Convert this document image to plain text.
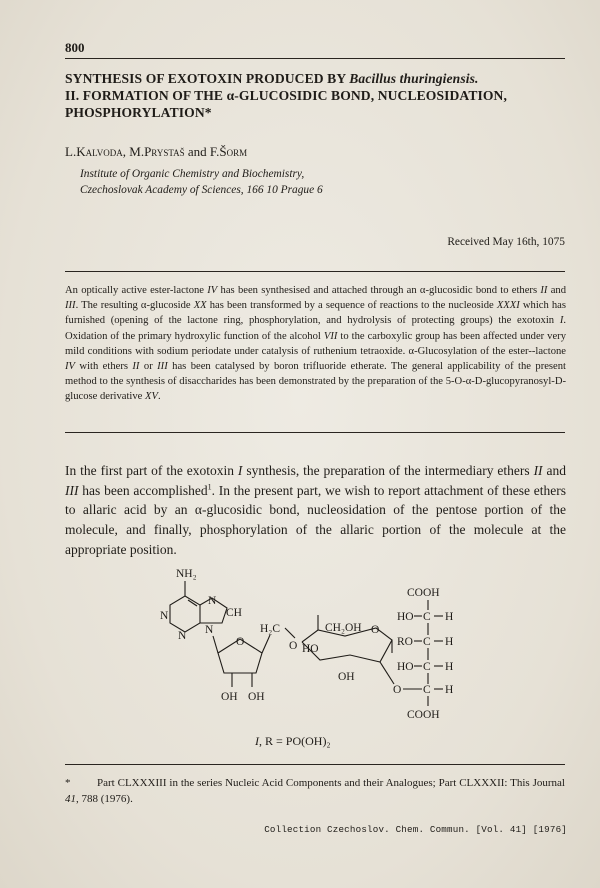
800
SYNTHESIS OF EXOTOXIN PRODUCED BY Bacillus thuringiensis.
II. FORMATION OF THE α-GLUCOSIDIC BOND, NUCLEOSIDATION,
PHOSPHORYLATION*
L.Kalvoda, M.Prystaš and F.Šorm
Institute of Organic Chemistry and Biochemistry,
Czechoslovak Academy of Sciences, 166 10 Prague 6
Received May 16th, 1075
An optically active ester-lactone IV has been synthesised and attached through an α-glucosidic bond to ethers II and III. The resulting α-glucoside XX has been transformed by a sequence of reactions to the nucleoside XXXI which has furnished (opening of the lactone ring, phosphorylation, and hydrolysis of protecting groups) the exotoxin I. Oxidation of the primary hydroxylic function of the alcohol VII to the carboxylic group has been affected under very mild conditions with sodium periodate under catalysis of ruthenium tetraoxide. α-Glucosylation of the ester--lactone IV with ethers II or III has been catalysed by boron trifluoride etherate. The general applicability of the present method to the synthesis of disaccharides has been demonstrated by the preparation of the 5-O-α-D-glucopyranosyl-D-glucose derivative XV.
In the first part of the exotoxin I synthesis, the preparation of the intermediary ethers II and III has been accomplished$^1$. In the present part, we wish to report attachment of these ethers to allaric acid by an α-glucosidic bond, nucleosidation of the pentose portion of the molecule, and finally, phosphorylation of the allaric portion of the molecule at the appropriate position.
NH₂
N
CH
N
N N
O
OH OH
H₂C
O
CH₂OH
HO
OH
O
COOH
HO C H
RO C H
HO C H
O C H
COOH
I, R = PO(OH)₂
* Part CLXXXIII in the series Nucleic Acid Components and their Analogues; Part CLXXXII: This Journal 41, 788 (1976).
Collection Czechoslov. Chem. Commun. [Vol. 41] [1976]
